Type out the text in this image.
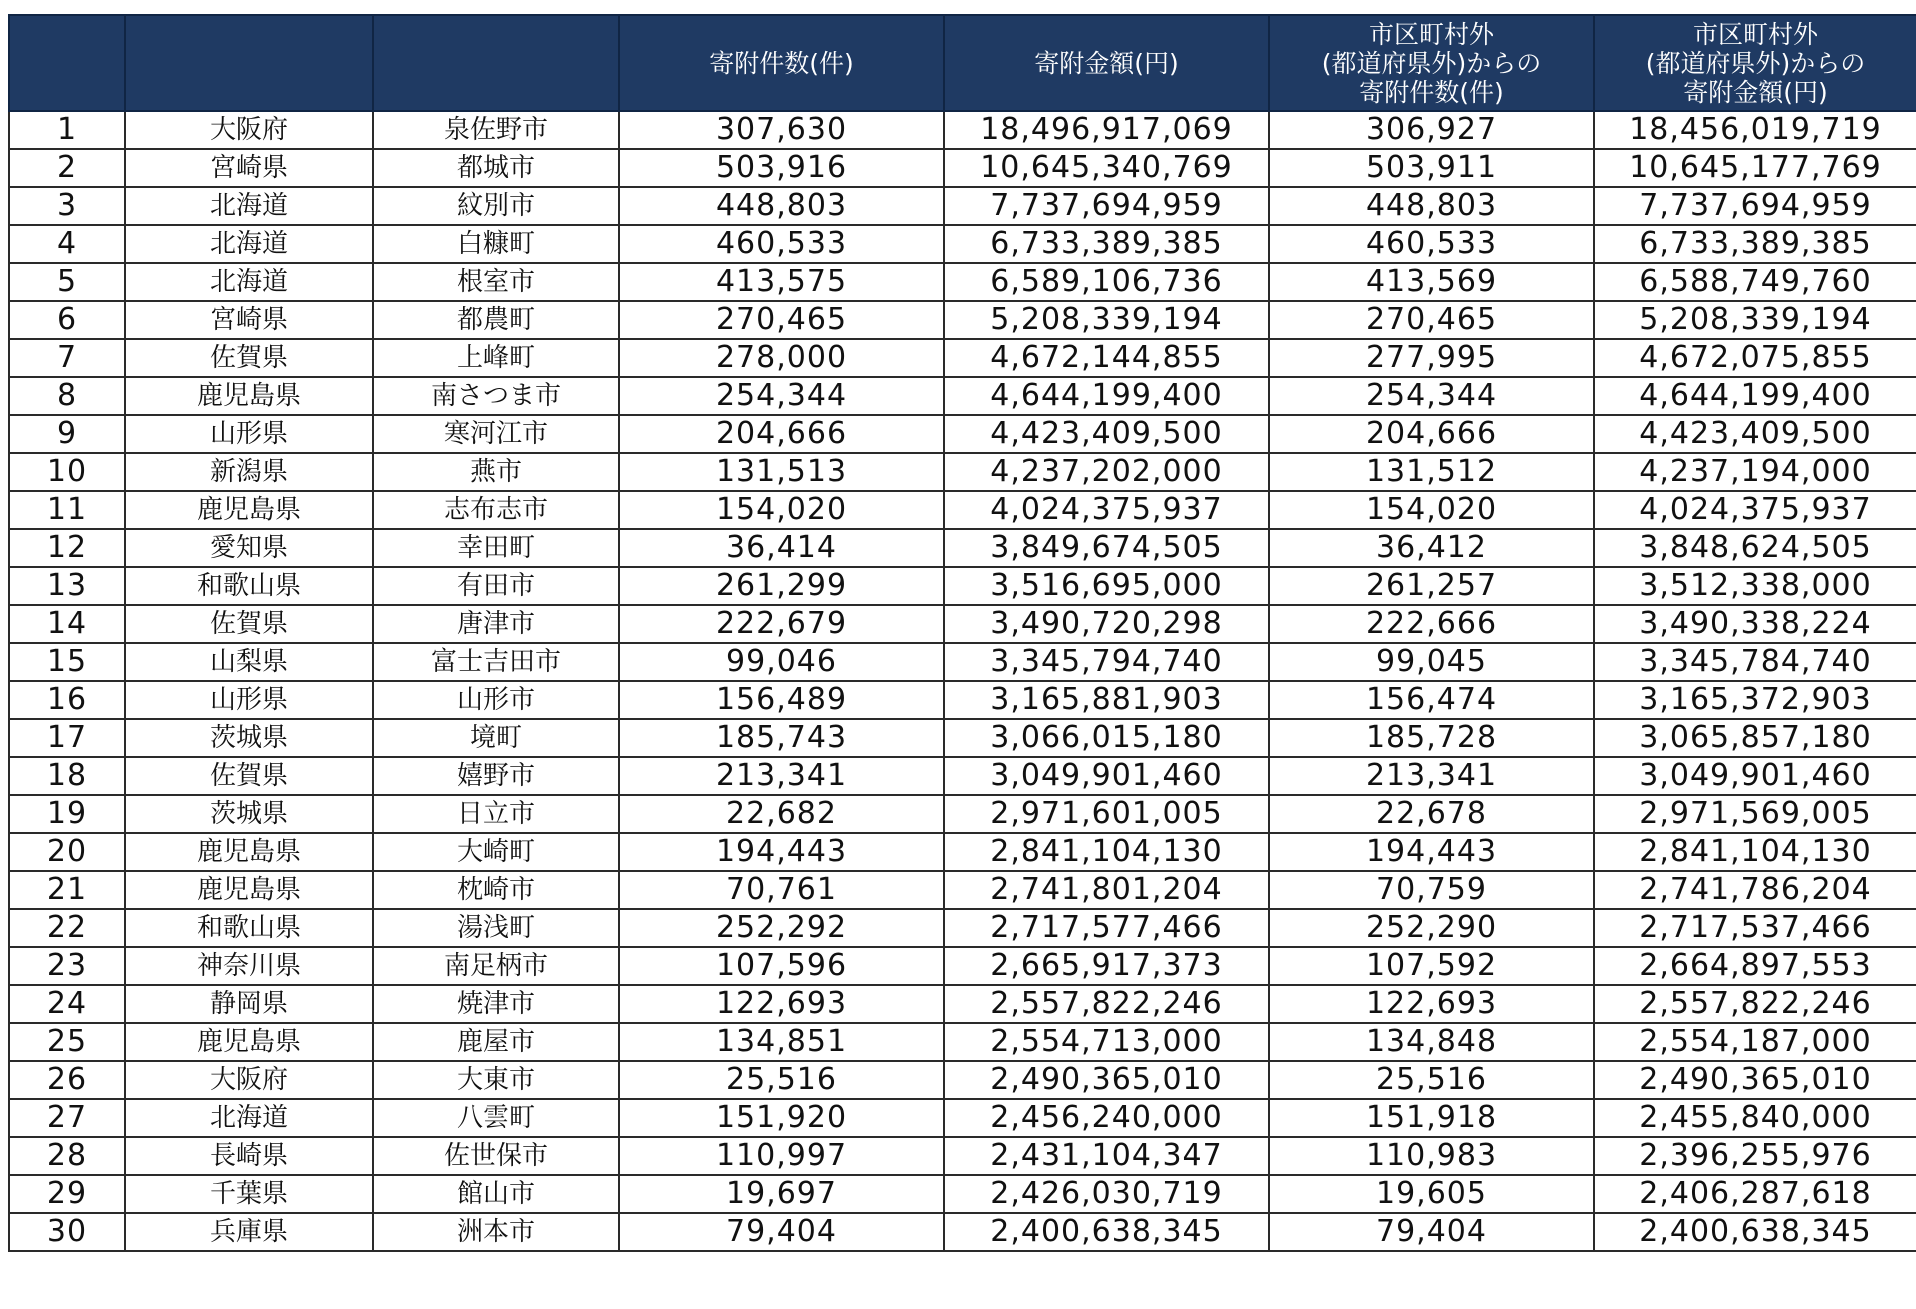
			寄附件数(件)	寄附金額(円)	市区町村外
(都道府県外)からの
寄附件数(件)	市区町村外
(都道府県外)からの
寄附金額(円)
1	大阪府	泉佐野市	307,630	18,496,917,069	306,927	18,456,019,719
2	宮崎県	都城市	503,916	10,645,340,769	503,911	10,645,177,769
3	北海道	紋別市	448,803	7,737,694,959	448,803	7,737,694,959
4	北海道	白糠町	460,533	6,733,389,385	460,533	6,733,389,385
5	北海道	根室市	413,575	6,589,106,736	413,569	6,588,749,760
6	宮崎県	都農町	270,465	5,208,339,194	270,465	5,208,339,194
7	佐賀県	上峰町	278,000	4,672,144,855	277,995	4,672,075,855
8	鹿児島県	南さつま市	254,344	4,644,199,400	254,344	4,644,199,400
9	山形県	寒河江市	204,666	4,423,409,500	204,666	4,423,409,500
10	新潟県	燕市	131,513	4,237,202,000	131,512	4,237,194,000
11	鹿児島県	志布志市	154,020	4,024,375,937	154,020	4,024,375,937
12	愛知県	幸田町	36,414	3,849,674,505	36,412	3,848,624,505
13	和歌山県	有田市	261,299	3,516,695,000	261,257	3,512,338,000
14	佐賀県	唐津市	222,679	3,490,720,298	222,666	3,490,338,224
15	山梨県	富士吉田市	99,046	3,345,794,740	99,045	3,345,784,740
16	山形県	山形市	156,489	3,165,881,903	156,474	3,165,372,903
17	茨城県	境町	185,743	3,066,015,180	185,728	3,065,857,180
18	佐賀県	嬉野市	213,341	3,049,901,460	213,341	3,049,901,460
19	茨城県	日立市	22,682	2,971,601,005	22,678	2,971,569,005
20	鹿児島県	大崎町	194,443	2,841,104,130	194,443	2,841,104,130
21	鹿児島県	枕崎市	70,761	2,741,801,204	70,759	2,741,786,204
22	和歌山県	湯浅町	252,292	2,717,577,466	252,290	2,717,537,466
23	神奈川県	南足柄市	107,596	2,665,917,373	107,592	2,664,897,553
24	静岡県	焼津市	122,693	2,557,822,246	122,693	2,557,822,246
25	鹿児島県	鹿屋市	134,851	2,554,713,000	134,848	2,554,187,000
26	大阪府	大東市	25,516	2,490,365,010	25,516	2,490,365,010
27	北海道	八雲町	151,920	2,456,240,000	151,918	2,455,840,000
28	長崎県	佐世保市	110,997	2,431,104,347	110,983	2,396,255,976
29	千葉県	館山市	19,697	2,426,030,719	19,605	2,406,287,618
30	兵庫県	洲本市	79,404	2,400,638,345	79,404	2,400,638,345
